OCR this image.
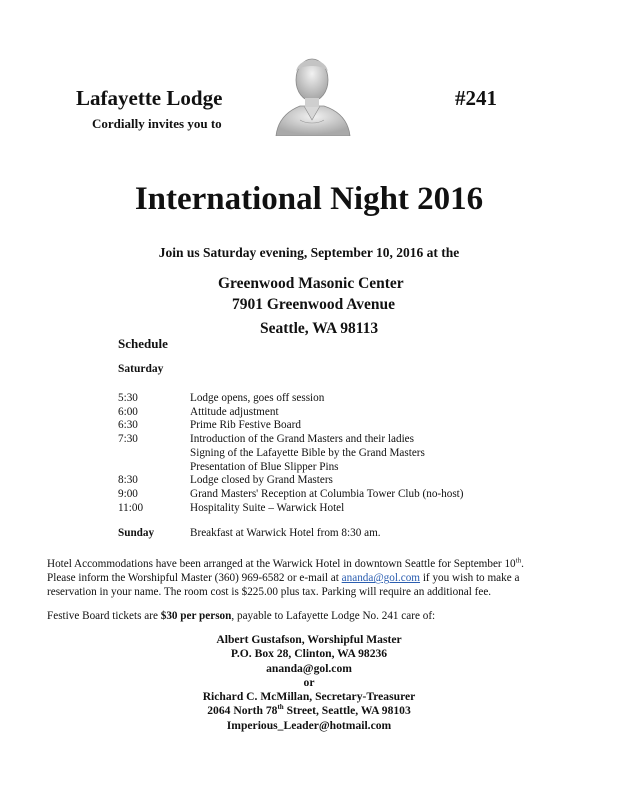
Lafayette Lodge	#241
Cordially invites you to
International Night 2016
Join us Saturday evening, September 10, 2016 at the
Greenwood Masonic Center
7901 Greenwood Avenue
Seattle, WA 98113
Schedule
Saturday
5:30	Lodge opens, goes off session
6:00	Attitude adjustment
6:30	Prime Rib Festive Board
7:30	Introduction of the Grand Masters and their ladies
Signing of the Lafayette Bible by the Grand Masters
Presentation of Blue Slipper Pins
8:30	Lodge closed by Grand Masters
9:00	Grand Masters' Reception at Columbia Tower Club (no-host)
11:00	Hospitality Suite – Warwick Hotel
Sunday	Breakfast at Warwick Hotel from 8:30 am.
Hotel Accommodations have been arranged at the Warwick Hotel in downtown Seattle for September 10th.
Please inform the Worshipful Master (360) 969-6582 or e-mail at ananda@gol.com if you wish to make a
reservation in your name. The room cost is $225.00 plus tax. Parking will require an additional fee.
Festive Board tickets are $30 per person, payable to Lafayette Lodge No. 241 care of:
Albert Gustafson, Worshipful Master
P.O. Box 28, Clinton, WA 98236
ananda@gol.com
or
Richard C. McMillan, Secretary-Treasurer
2064 North 78th Street, Seattle, WA 98103
Imperious_Leader@hotmail.com
